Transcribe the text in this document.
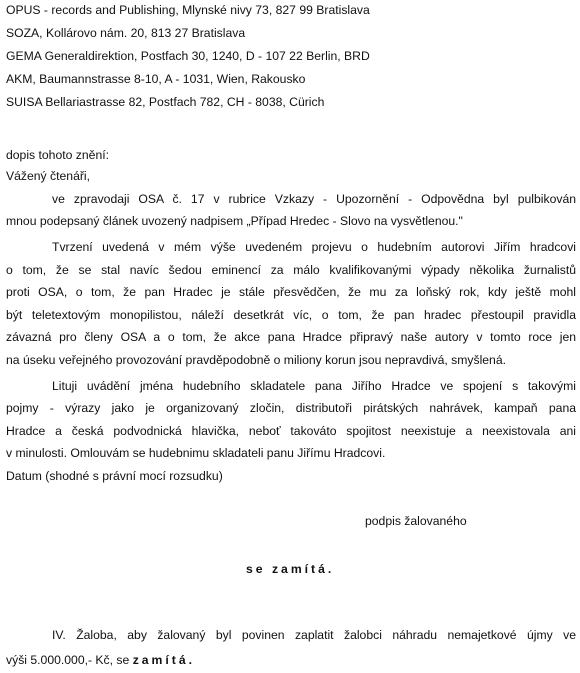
OPUS - records and Publishing, Mlynské nivy 73, 827 99 Bratislava
SOZA, Kollárovo nám. 20, 813 27 Bratislava
GEMA Generaldirektion, Postfach 30, 1240, D - 107 22 Berlin, BRD
AKM, Baumannstrasse 8-10, A - 1031, Wien, Rakousko
SUISA Bellariastrasse 82, Postfach 782, CH - 8038, Cürich
dopis tohoto znění:
Vážený čtenáři,
ve zpravodaji OSA č. 17 v rubrice Vzkazy - Upozornění - Odpovědna byl pulbikován
mnou podepsaný článek uvozený nadpisem „Případ Hredec - Slovo na vysvětlenou."
Tvrzení uvedená v mém výše uvedeném projevu o hudebním autorovi Jiřím hradcovi
o tom, že se stal navíc šedou eminencí za málo kvalifikovanými výpady několika žurnalistů
proti OSA, o tom, že pan Hradec je stále přesvědčen, že mu za loňský rok, kdy ještě mohl
být teletextovým monopilistou, náleží desetkrát víc, o tom, že pan hradec přestoupil pravidla
závazná pro členy OSA a o tom, že akce pana Hradce připravý naše autory v tomto roce jen
na úseku veřejného provozování pravděpodobně o miliony korun jsou nepravdivá, smyšlená.
Lituji uvádění jména hudebního skladatele pana Jiřího Hradce ve spojení s takovými
pojmy - výrazy jako je organizovaný zločin, distributoři pirátských nahrávek, kampaň pana
Hradce a česká podvodnická hlavička, neboť takováto spojitost neexistuje a neexistovala ani
v minulosti. Omlouvám se hudebnimu skladateli panu Jiřímu Hradcovi.
Datum (shodné s právní mocí rozsudku)
podpis žalovaného
se zamítá.
IV. Žaloba, aby žalovaný byl povinen zaplatit žalobci náhradu nemajetkové újmy ve
výši 5.000.000,- Kč, se zamítá.
